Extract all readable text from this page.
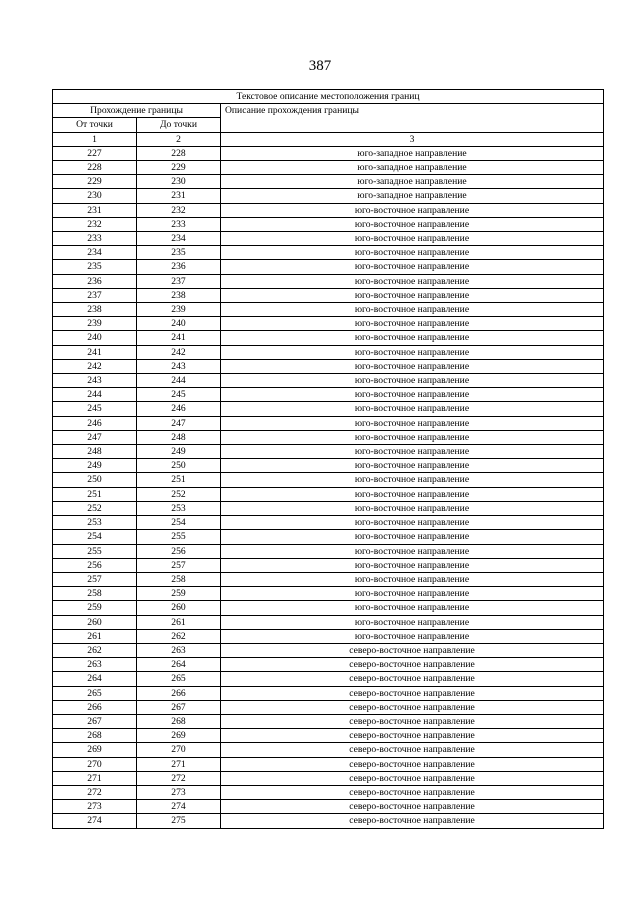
387
Текстовое описание местоположения границ		
Прохождение границы		Описание прохождения границы
От точки	До точки	
1	2	3
227	228	юго-западное направление
228	229	юго-западное направление
229	230	юго-западное направление
230	231	юго-западное направление
231	232	юго-восточное направление
232	233	юго-восточное направление
233	234	юго-восточное направление
234	235	юго-восточное направление
235	236	юго-восточное направление
236	237	юго-восточное направление
237	238	юго-восточное направление
238	239	юго-восточное направление
239	240	юго-восточное направление
240	241	юго-восточное направление
241	242	юго-восточное направление
242	243	юго-восточное направление
243	244	юго-восточное направление
244	245	юго-восточное направление
245	246	юго-восточное направление
246	247	юго-восточное направление
247	248	юго-восточное направление
248	249	юго-восточное направление
249	250	юго-восточное направление
250	251	юго-восточное направление
251	252	юго-восточное направление
252	253	юго-восточное направление
253	254	юго-восточное направление
254	255	юго-восточное направление
255	256	юго-восточное направление
256	257	юго-восточное направление
257	258	юго-восточное направление
258	259	юго-восточное направление
259	260	юго-восточное направление
260	261	юго-восточное направление
261	262	юго-восточное направление
262	263	северо-восточное направление
263	264	северо-восточное направление
264	265	северо-восточное направление
265	266	северо-восточное направление
266	267	северо-восточное направление
267	268	северо-восточное направление
268	269	северо-восточное направление
269	270	северо-восточное направление
270	271	северо-восточное направление
271	272	северо-восточное направление
272	273	северо-восточное направление
273	274	северо-восточное направление
274	275	северо-восточное направление
